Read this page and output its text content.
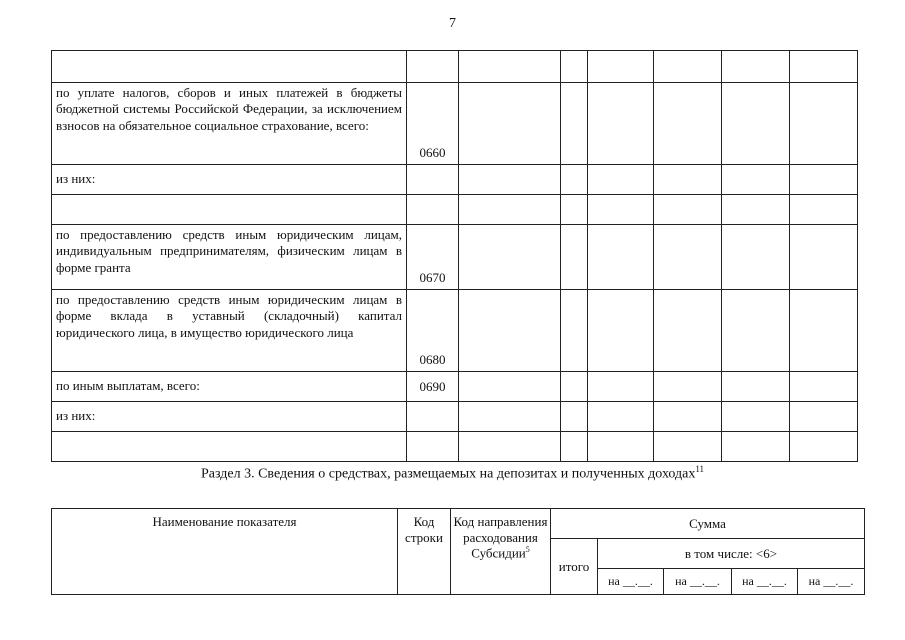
7

по уплате налогов, сборов и иных платежей в бюджеты бюджетной системы Российской Федерации, за исключением взносов на обязательное социальное страхование, всего:	0660						
из них:							

по предоставлению средств иным юридическим лицам, индивидуальным предпринимателям, физическим лицам в форме гранта	0670						
по предоставлению средств иным юридическим лицам в форме вклада в уставный (складочный) капитал юридического лица, в имущество юридического лица	0680						
по иным выплатам, всего:	0690						
из них:							

Раздел 3. Сведения о средствах, размещаемых на депозитах и полученных доходах$^{11}$
Наименование показателя	Код строки	Код направления расходования Субсидии$^5$	Сумма				
			итого	в том числе: <6>			
				на __.__.	на __.__.	на __.__.	на __.__.
